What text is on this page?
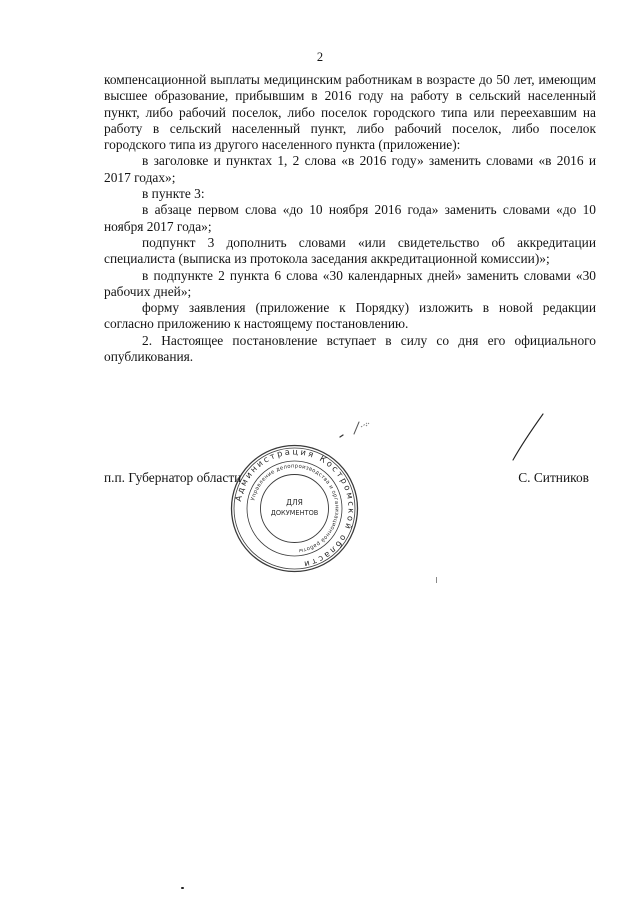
2

компенсационной выплаты медицинским работникам в возрасте до 50 лет, имеющим высшее образование, прибывшим в 2016 году на работу в сельский населенный пункт, либо рабочий поселок, либо поселок городского типа или переехавшим на работу в сельский населенный пункт, либо рабочий поселок, либо поселок городского типа из другого населенного пункта (приложение):

в заголовке и пунктах 1, 2 слова «в 2016 году» заменить словами «в 2016 и 2017 годах»;

в пункте 3:

в абзаце первом слова «до 10 ноября 2016 года» заменить словами «до 10 ноября 2017 года»;

подпункт 3 дополнить словами «или свидетельство об аккредитации специалиста (выписка из протокола заседания аккредитационной комиссии)»;

в подпункте 2 пункта 6 слова «30 календарных дней» заменить словами «30 рабочих дней»;

форму заявления (приложение к Порядку) изложить в новой редакции согласно приложению к настоящему постановлению.

2. Настоящее постановление вступает в силу со дня его официального опубликования.

Администрация Костромской области
Управление делопроизводства и организационной работы
ДЛЯ
ДОКУМЕНТОВ
п.п. Губернатор области	С. Ситников
